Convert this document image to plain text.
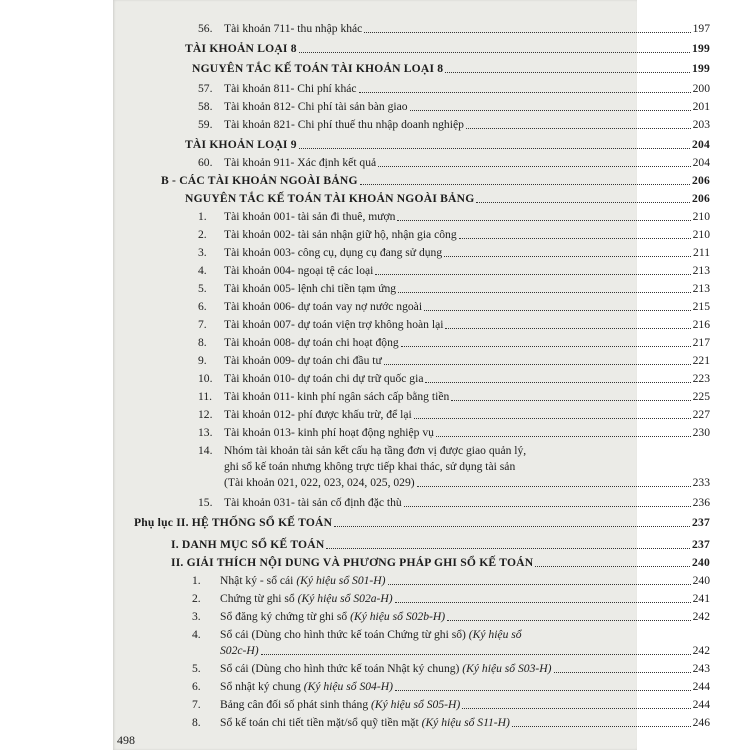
56. Tài khoản 711- thu nhập khác	197
TÀI KHOẢN LOẠI 8	199
NGUYÊN TẮC KẾ TOÁN TÀI KHOẢN LOẠI 8	199
57. Tài khoản 811- Chi phí khác	200
58. Tài khoản 812- Chi phí tài sản bàn giao	201
59. Tài khoản 821- Chi phí thuế thu nhập doanh nghiệp	203
TÀI KHOẢN LOẠI 9	204
60. Tài khoản 911- Xác định kết quả	204
B - CÁC TÀI KHOẢN NGOÀI BẢNG	206
NGUYÊN TẮC KẾ TOÁN TÀI KHOẢN NGOÀI BẢNG	206
1.	Tài khoản 001- tài sản đi thuê, mượn	210
2.	Tài khoản 002- tài sản nhận giữ hộ, nhận gia công	210
3.	Tài khoản 003- công cụ, dụng cụ đang sử dụng	211
4.	Tài khoản 004- ngoại tệ các loại	213
5.	Tài khoản 005- lệnh chi tiền tạm ứng	213
6.	Tài khoản 006- dự toán vay nợ nước ngoài	215
7.	Tài khoản 007- dự toán viện trợ không hoàn lại	216
8.	Tài khoản 008- dự toán chi hoạt động	217
9.	Tài khoản 009- dự toán chi đầu tư	221
10. Tài khoản 010- dự toán chi dự trữ quốc gia	223
11.	Tài khoản 011- kinh phí ngân sách cấp bằng tiền	225
12. Tài khoản 012- phí được khấu trừ, để lại	227
13. Tài khoản 013- kinh phí hoạt động nghiệp vụ	230
14. Nhóm tài khoản tài sản kết cấu hạ tầng đơn vị được giao quản lý,
ghi sổ kế toán nhưng không trực tiếp khai thác, sử dụng tài sản
(Tài khoản 021, 022, 023, 024, 025, 029)	233
15. Tài khoản 031- tài sản cố định đặc thù	236
Phụ lục II. HỆ THỐNG SỔ KẾ TOÁN	237
I. DANH MỤC SỔ KẾ TOÁN	237
II. GIẢI THÍCH NỘI DUNG VÀ PHƯƠNG PHÁP GHI SỔ KẾ TOÁN	240
1.	Nhật ký - sổ cái (Ký hiệu sổ S01-H)	240
2.	Chứng từ ghi sổ (Ký hiệu sổ S02a-H)	241
3.	Sổ đăng ký chứng từ ghi sổ (Ký hiệu sổ S02b-H)	242
4. Sổ cái (Dùng cho hình thức kế toán Chứng từ ghi sổ) (Ký hiệu sổ
S02c-H)	242
5.	Sổ cái (Dùng cho hình thức kế toán Nhật ký chung) (Ký hiệu sổ S03-H)	243
6.	Sổ nhật ký chung (Ký hiệu sổ S04-H)	244
7.	Bảng cân đối số phát sinh tháng (Ký hiệu sổ S05-H)	244
8.	Sổ kế toán chi tiết tiền mặt/sổ quỹ tiền mặt (Ký hiệu sổ S11-H)	246
498
